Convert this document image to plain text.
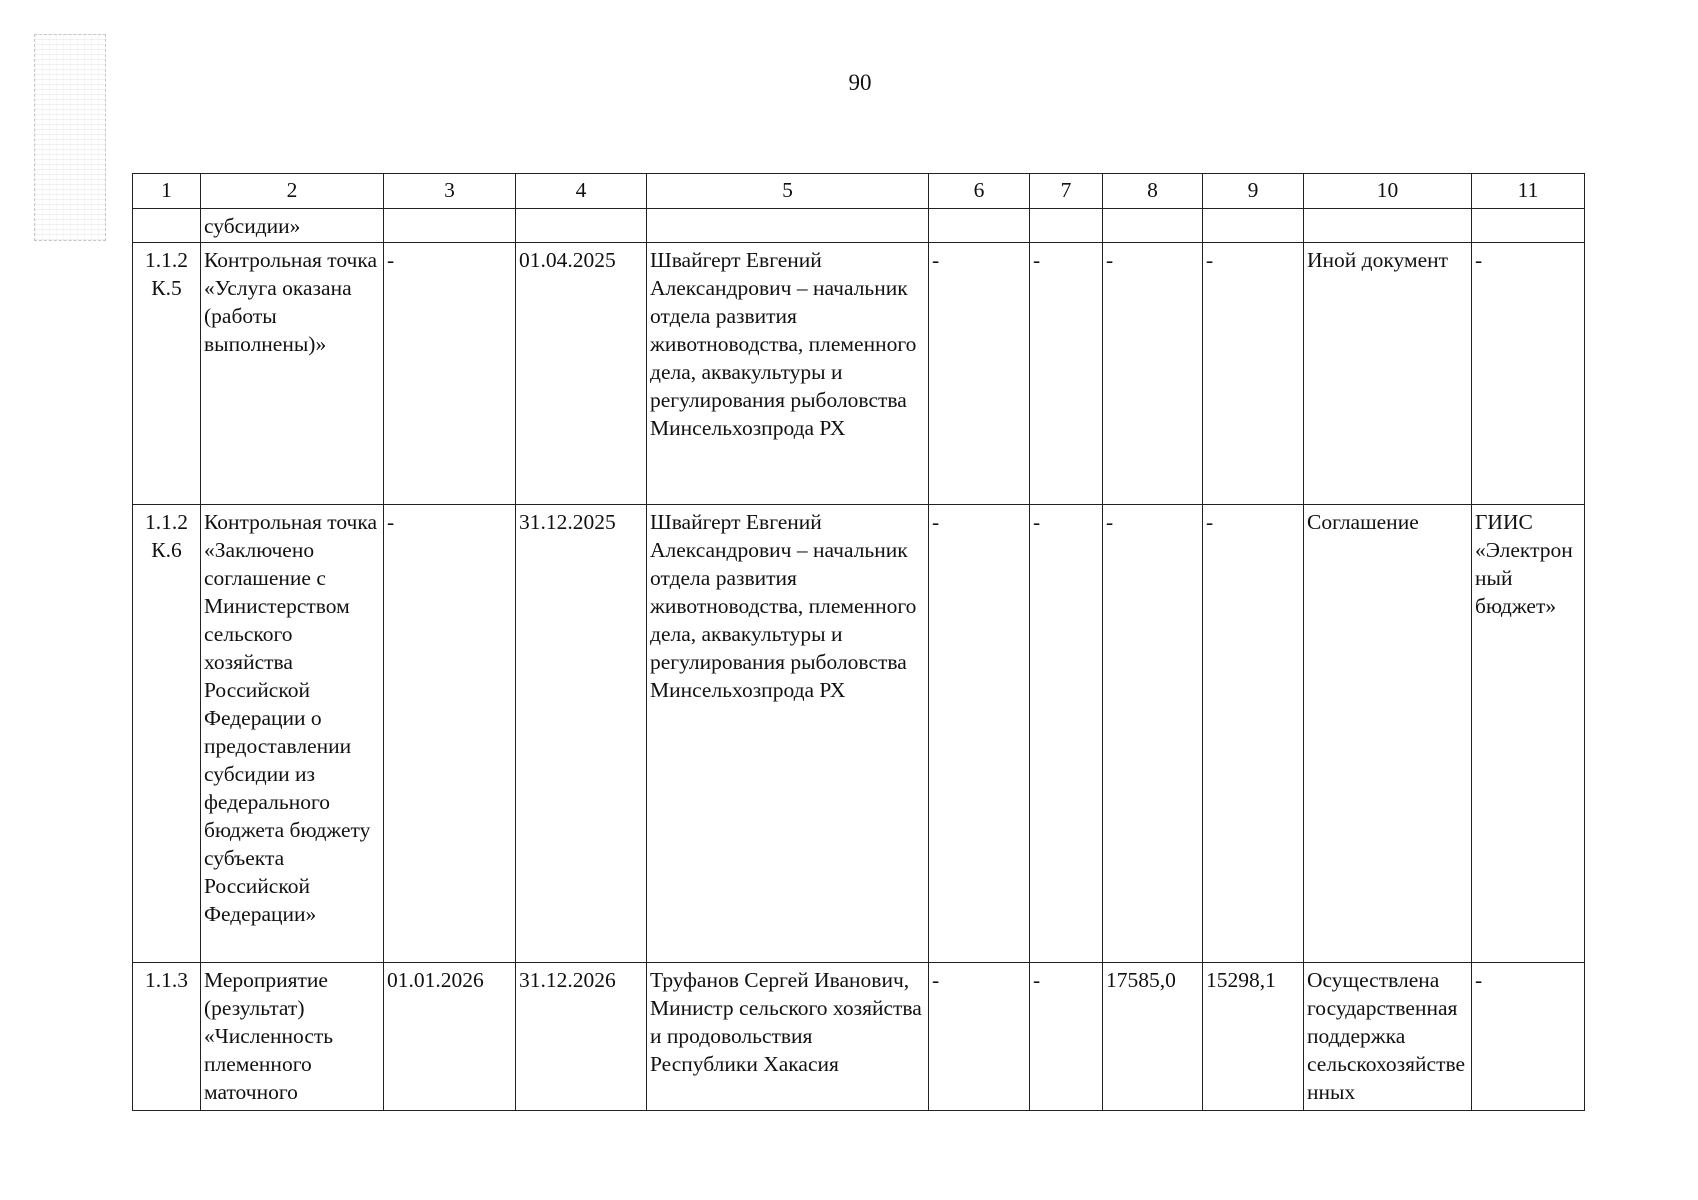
90
1	2	3	4	5	6	7	8	9	10	11
	субсидии»									
1.1.2 К.5	Контрольная точка «Услуга оказана (работы выполнены)»	-	01.04.2025	Швайгерт Евгений Александрович – начальник отдела развития животноводства, племенного дела, аквакультуры и регулирования рыболовства Минсельхозпрода РХ	-	-	-	-	Иной документ	-
1.1.2 К.6	Контрольная точка «Заключено соглашение с Министерством сельского хозяйства Российской Федерации о предоставлении субсидии из федерального бюджета бюджету субъекта Российской Федерации»	-	31.12.2025	Швайгерт Евгений Александрович – начальник отдела развития животноводства, племенного дела, аквакультуры и регулирования рыболовства Минсельхозпрода РХ	-	-	-	-	Соглашение	ГИИС «Электронный бюджет»
1.1.3	Мероприятие (результат) «Численность племенного маточного	01.01.2026	31.12.2026	Труфанов Сергей Иванович, Министр сельского хозяйства и продовольствия Республики Хакасия	-	-	17585,0	15298,1	Осуществлена государственная поддержка сельскохозяйственных	-
